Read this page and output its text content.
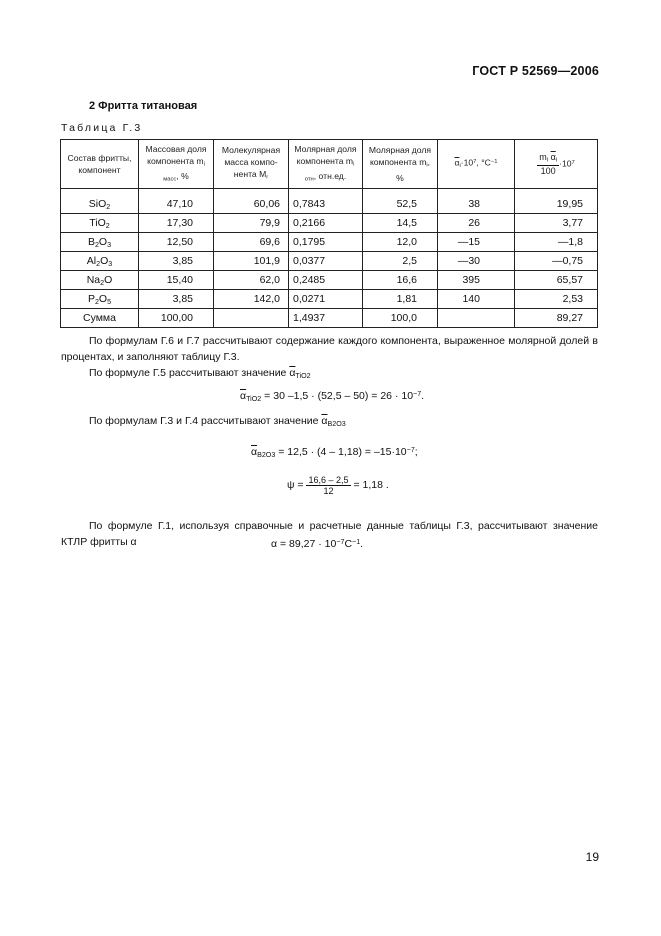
ГОСТ Р 52569—2006
2 Фритта титановая
Таблица Г.3
Состав фритты, компонент	Массовая доля компонента $m_{i масс}$, %	Молекулярная масса компо-нента $M_r$	Молярная доля компонента $m_{i отн}$, отн.ед.	Молярная доля компонента $m_i$, %	$\overline{\alpha}_i\cdot 10^7$, $^\circ C^{-1}$	$\frac{m_i \overline{\alpha}_i}{100} \cdot 10^7$

SiO$_2$	47,10	60,06	0,7843	52,5	38	19,95
TiO$_2$	17,30	79,9	0,2166	14,5	26	3,77
$B_2O_3$	12,50	69,6	0,1795	12,0	—15	—1,8
$Al_2O_3$	3,85	101,9	0,0377	2,5	—30	—0,75
$Na_2O$	15,40	62,0	0,2485	16,6	395	65,57
$P_2O_5$	3,85	142,0	0,0271	1,81	140	2,53
Сумма	100,00		1,4937	100,0		89,27
По формулам Г.6 и Г.7 рассчитывают содержание каждого компонента, выраженное молярной долей в процентах, и заполняют таблицу Г.3.
По формуле Г.5 рассчитывают значение $\overline{\alpha}_{TiO2}$
$\overline{\alpha}_{TiO2} = 30$ $-1,5 \cdot (52,5 - 50) = 26 \cdot 10^{-7}$.
По формулам Г.3 и Г.4 рассчитывают значение $\overline{\alpha}_{B2O3}$
$\overline{\alpha}_{B2O3} = 12,5 \cdot (4 - 1,18) = -15\cdot 10^{-7}$;
$\psi = \frac{16,6 - 2,5}{12} = 1,18$ .
По формуле Г.1, используя справочные и расчетные данные таблицы Г.3, рассчитывают значение КТЛР фритты α	$\alpha = 89,27 \cdot 10^{-7}С^{-1}$.
19
